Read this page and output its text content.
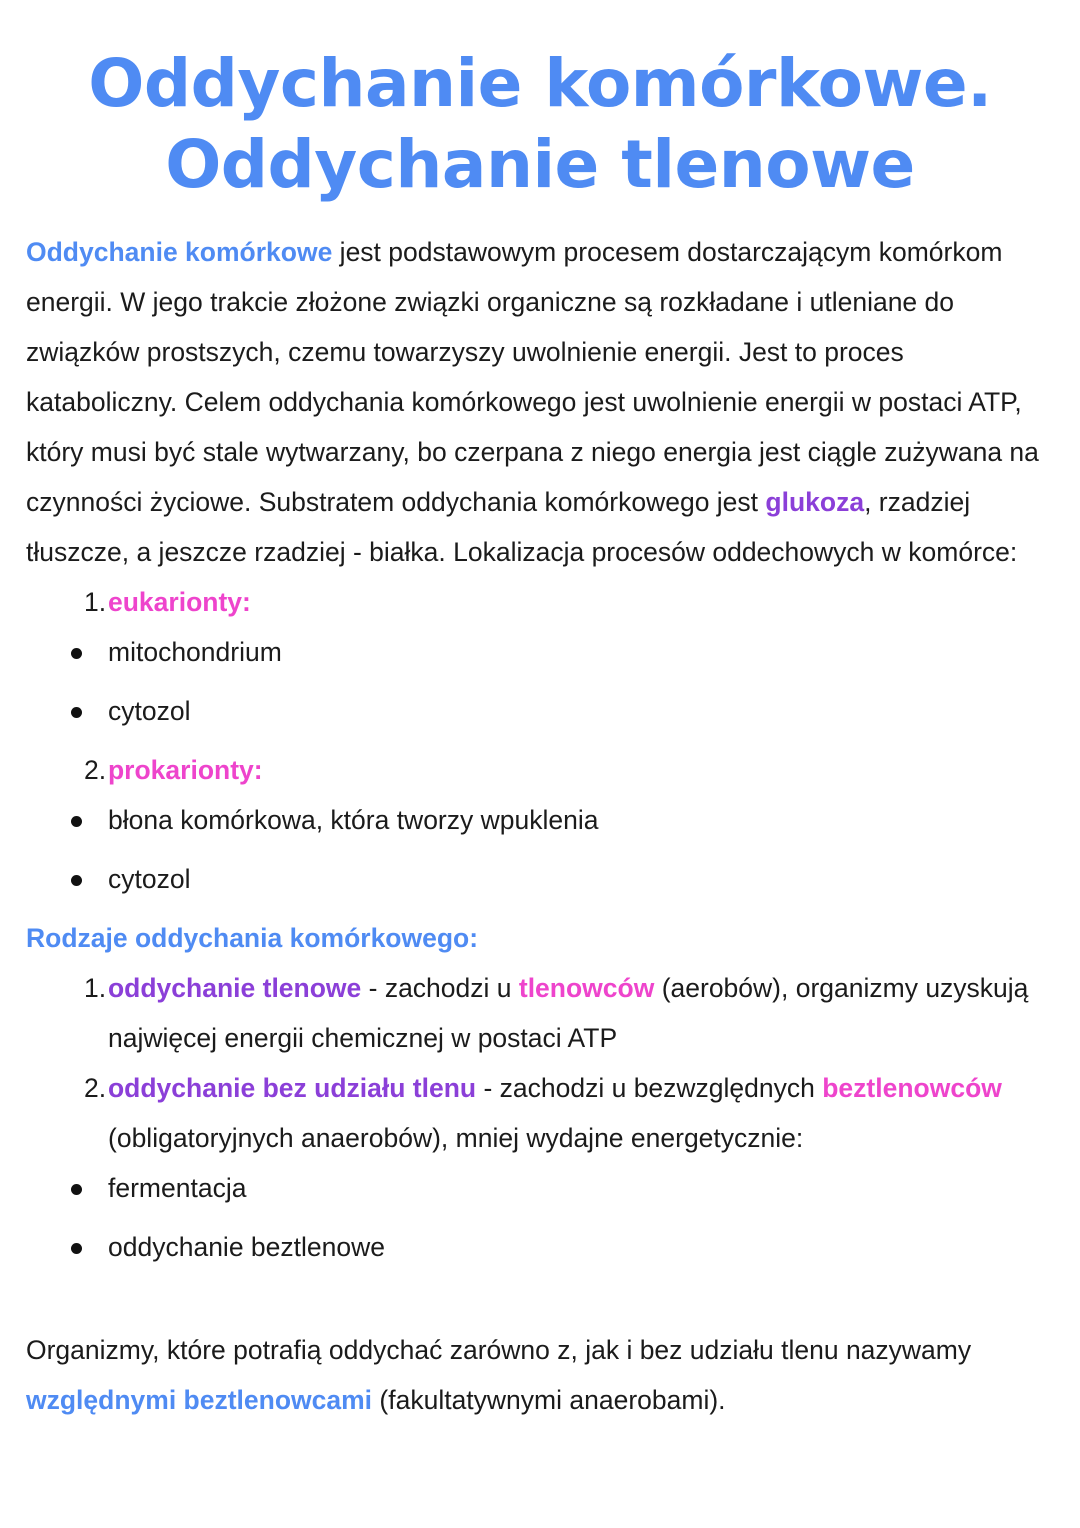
Oddychanie komórkowe.
Oddychanie tlenowe

Oddychanie komórkowe jest podstawowym procesem dostarczającym komórkom energii. W jego trakcie złożone związki organiczne są rozkładane i utleniane do związków prostszych, czemu towarzyszy uwolnienie energii. Jest to proces kataboliczny. Celem oddychania komórkowego jest uwolnienie energii w postaci ATP, który musi być stale wytwarzany, bo czerpana z niego energia jest ciągle zużywana na czynności życiowe. Substratem oddychania komórkowego jest glukoza, rzadziej tłuszcze, a jeszcze rzadziej - białka. Lokalizacja procesów oddechowych w komórce:

1. eukarionty:
mitochondrium
cytozol
2. prokarionty:
błona komórkowa, która tworzy wpuklenia
cytozol
Rodzaje oddychania komórkowego:
1. oddychanie tlenowe - zachodzi u tlenowców (aerobów), organizmy uzyskują najwięcej energii chemicznej w postaci ATP
2. oddychanie bez udziału tlenu - zachodzi u bezwzględnych beztlenowców (obligatoryjnych anaerobów), mniej wydajne energetycznie:
fermentacja
oddychanie beztlenowe

Organizmy, które potrafią oddychać zarówno z, jak i bez udziału tlenu nazywamy względnymi beztlenowcami (fakultatywnymi anaerobami).
